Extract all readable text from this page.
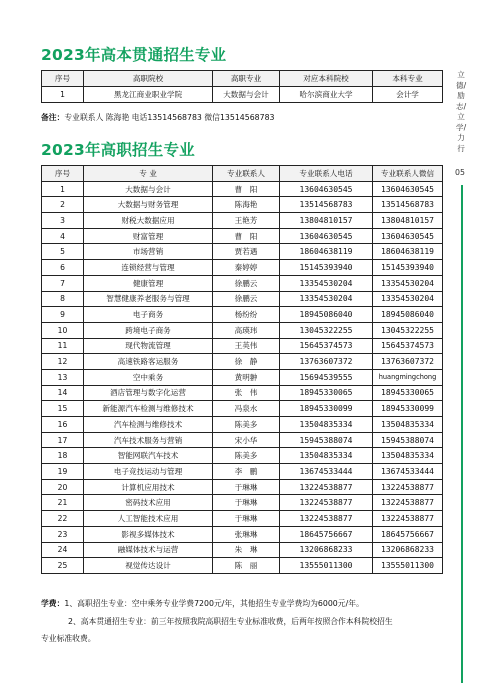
2023年高本贯通招生专业
序号	高职院校	高职专业	对应本科院校	本科专业
1	黑龙江商业职业学院	大数据与会计	哈尔滨商业大学	会计学
备注：专业联系人 陈海艳 电话13514568783 微信13514568783
2023年高职招生专业
序号	专 业	专业联系人	专业联系人电话	专业联系人微信
1	大数据与会计	曹　阳	13604630545	13604630545
2	大数据与财务管理	陈海艳	13514568783	13514568783
3	财税大数据应用	王艳芳	13804810157	13804810157
4	财富管理	曹　阳	13604630545	13604630545
5	市场营销	贾若遇	18604638119	18604638119
6	连锁经营与管理	秦婷婷	15145393940	15145393940
7	健康管理	徐鹏云	13354530204	13354530204
8	智慧健康养老服务与管理	徐鹏云	13354530204	13354530204
9	电子商务	杨纷纷	18945086040	18945086040
10	跨境电子商务	高瑛玮	13045322255	13045322255
11	现代物流管理	王英伟	15645374573	15645374573
12	高速铁路客运服务	徐　静	13763607372	13763607372
13	空中乘务	黄明翀	15694539555	huangmingchong
14	酒店管理与数字化运营	张　伟	18945330065	18945330065
15	新能源汽车检测与维修技术	冯泉水	18945330099	18945330099
16	汽车检测与维修技术	陈美多	13504835334	13504835334
17	汽车技术服务与营销	宋小华	15945388074	15945388074
18	智能网联汽车技术	陈美多	13504835334	13504835334
19	电子竞技运动与管理	李　鹏	13674533444	13674533444
20	计算机应用技术	于琳琳	13224538877	13224538877
21	密码技术应用	于琳琳	13224538877	13224538877
22	人工智能技术应用	于琳琳	13224538877	13224538877
23	影视多媒体技术	张琳琳	18645756667	18645756667
24	融媒体技术与运营	朱　琳	13206868233	13206868233
25	视觉传达设计	陈　丽	13555011300	13555011300
学费：1、高职招生专业：空中乘务专业学费7200元/年，其他招生专业学费均为6000元/年。
2、高本贯通招生专业：前三年按照我院高职招生专业标准收费，后两年按照合作本科院校招生
专业标准收费。
立德/励志/立学/力行
05
